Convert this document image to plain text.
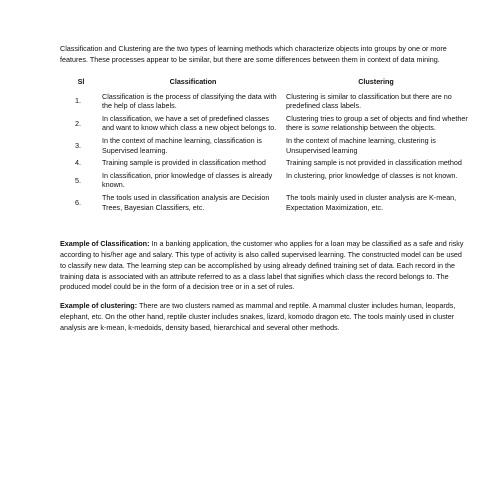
Classification and Clustering are the two types of learning methods which characterize objects into groups by one or more features. These processes appear to be similar, but there are some differences between them in context of data mining.

Sl	Classification	Clustering
1.	Classification is the process of classifying the data with the help of class labels.	Clustering is similar to classification but there are no predefined class labels.
2.	In classification, we have a set of predefined classes and want to know which class a new object belongs to.	Clustering tries to group a set of objects and find whether there is some relationship between the objects.
3.	In the context of machine learning, classification is Supervised learning.	In the context of machine learning, clustering is Unsupervised learning
4.	Training sample is provided in classification method	Training sample is not provided in classification method
5.	In classification, prior knowledge of classes is already known.	In clustering, prior knowledge of classes is not known.
6.	The tools used in classification analysis are Decision Trees, Bayesian Classifiers, etc.	The tools mainly used in cluster analysis are K-mean, Expectation Maximization, etc.

Example of Classification: In a banking application, the customer who applies for a loan may be classified as a safe and risky according to his/her age and salary. This type of activity is also called supervised learning. The constructed model can be used to classify new data. The learning step can be accomplished by using already defined training set of data. Each record in the training data is associated with an attribute referred to as a class label that signifies which class the record belongs to. The produced model could be in the form of a decision tree or in a set of rules.

Example of clustering: There are two clusters named as mammal and reptile. A mammal cluster includes human, leopards, elephant, etc. On the other hand, reptile cluster includes snakes, lizard, komodo dragon etc. The tools mainly used in cluster analysis are k-mean, k-medoids, density based, hierarchical and several other methods.
